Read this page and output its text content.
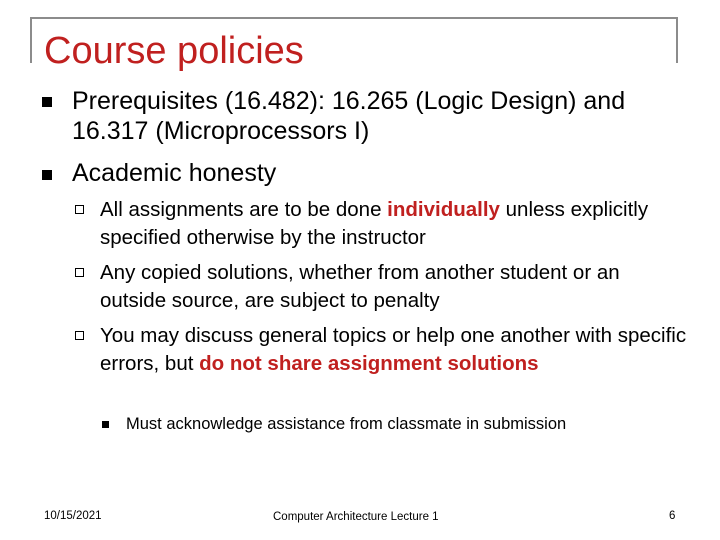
Course policies
Prerequisites (16.482): 16.265 (Logic Design) and 16.317 (Microprocessors I)
Academic honesty
All assignments are to be done individually unless explicitly specified otherwise by the instructor
Any copied solutions, whether from another student or an outside source, are subject to penalty
You may discuss general topics or help one another with specific errors, but do not share assignment solutions
Must acknowledge assistance from classmate in submission
10/15/2021	Computer Architecture Lecture 1	6
